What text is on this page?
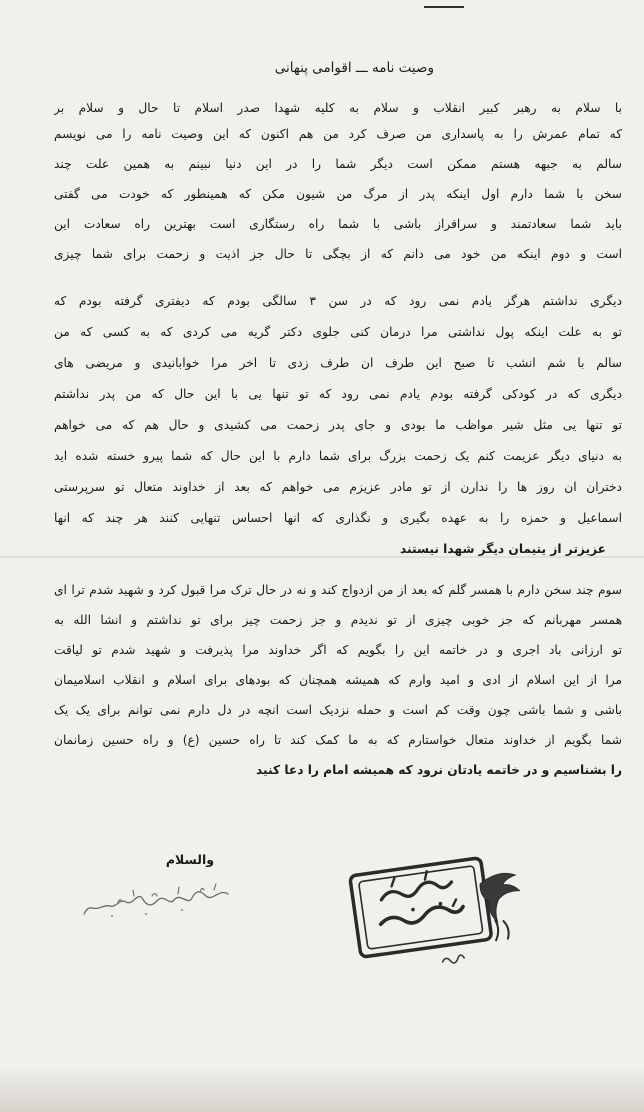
وصیت نامه ـــ اقوامی پنهانی
با سلام به رهبر کبیر انقلاب و سلام به کلیه شهدا صدر اسلام تا حال و سلام بر
که تمام عمرش را به پاسداری من صرف کرد من هم اکنون که این وصیت نامه را می نویسم
سالم به جبهه هستم ممکن است دیگر شما را در این دنیا نبینم به همین علت چند
سخن با شما دارم اول اینکه پدر از مرگ من شیون مکن که همینطور که خودت می گفتی
باید شما سعادتمند و سرافراز باشی با شما راه رستگاری است بهترین راه سعادت این
است و دوم اینکه من خود می دانم که از بچگی تا حال جز اذیت و زحمت برای شما چیزی
دیگری نداشتم هرگز یادم نمی رود که در سن ۳ سالگی بودم که دیفتری گرفته بودم که
تو به علت اینکه پول نداشتی مرا درمان کنی جلوی دکتر گریه می کردی که به کسی که من
سالم با شم انشب تا صبح این طرف ان طرف زدی تا اخر مرا خوابانیدی و مریضی های
دیگری که در کودکی گرفته بودم یادم نمی رود که تو تنها یی با این حال که من پدر نداشتم
تو تنها یی مثل شیر مواظب ما بودی و جای پدر زحمت می کشیدی و حال هم که می خواهم
به دنیای دیگر عزیمت کنم یک زحمت بزرگ برای شما دارم با این حال که شما پیرو خسته شده اید
دختران ان روز ها را ندارن از تو مادر عزیزم می خواهم که بعد از خداوند متعال تو سرپرستی
اسماعیل و حمزه را به عهده بگیری و نگذاری که انها احساس تنهایی کنند هر چند که انها
عزیزتر از یتیمان دیگر شهدا نیستند
سوم چند سخن دارم با همسر گلم که بعد از من ازدواج کند و نه در حال ترک مرا قبول کرد و شهید شدم ترا ای
همسر مهربانم که جز خوبی چیزی از تو ندیدم و جز زحمت چیز برای تو نداشتم و انشا الله به
تو ارزانی باد اجری و در خاتمه این را بگویم که اگر خداوند مرا پذیرفت و شهید شدم تو لیاقت
مرا از این اسلام از ادی و امید وارم که همیشه همچنان که بودهای برای اسلام و انقلاب اسلامیمان
باشی و شما باشی چون وقت کم است و حمله نزدیک است انچه در دل دارم نمی توانم برای یک یک
شما بگویم از خداوند متعال خواستارم که به ما کمک کند تا راه حسین (ع) و راه حسین زمانمان
را بشناسیم و در خاتمه یادتان نرود که همیشه امام را دعا کنید
والسلام
